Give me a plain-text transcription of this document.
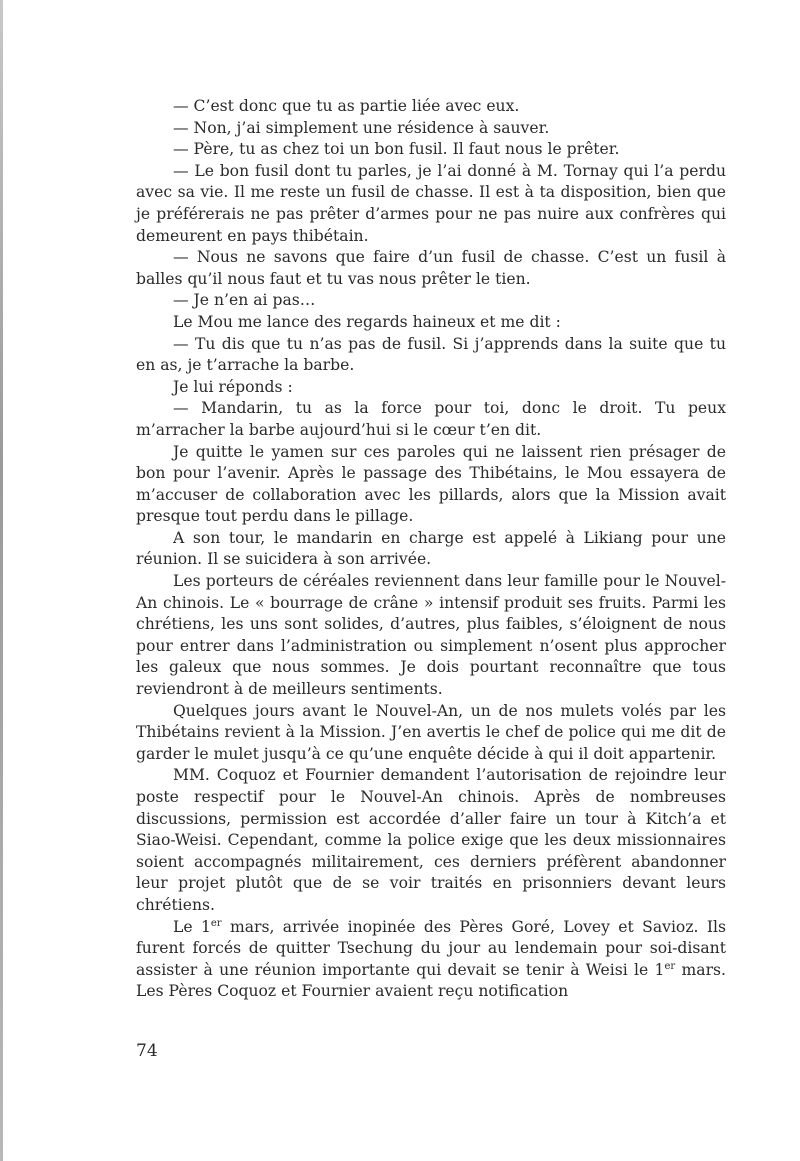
— C’est donc que tu as partie liée avec eux.

— Non, j’ai simplement une résidence à sauver.

— Père, tu as chez toi un bon fusil. Il faut nous le prêter.

— Le bon fusil dont tu parles, je l’ai donné à M. Tornay qui l’a perdu avec sa vie. Il me reste un fusil de chasse. Il est à ta disposition, bien que je préférerais ne pas prêter d’armes pour ne pas nuire aux confrères qui demeurent en pays thibétain.

— Nous ne savons que faire d’un fusil de chasse. C’est un fusil à balles qu’il nous faut et tu vas nous prêter le tien.

— Je n’en ai pas…

Le Mou me lance des regards haineux et me dit :

— Tu dis que tu n’as pas de fusil. Si j’apprends dans la suite que tu en as, je t’arrache la barbe.

Je lui réponds :

— Mandarin, tu as la force pour toi, donc le droit. Tu peux m’arracher la barbe aujourd’hui si le cœur t’en dit.

Je quitte le yamen sur ces paroles qui ne laissent rien présager de bon pour l’avenir. Après le passage des Thibétains, le Mou essayera de m’accuser de collaboration avec les pillards, alors que la Mission avait presque tout perdu dans le pillage.

A son tour, le mandarin en charge est appelé à Likiang pour une réunion. Il se suicidera à son arrivée.

Les porteurs de céréales reviennent dans leur famille pour le Nouvel-An chinois. Le « bourrage de crâne » intensif produit ses fruits. Parmi les chrétiens, les uns sont solides, d’autres, plus faibles, s’éloignent de nous pour entrer dans l’administration ou simplement n’osent plus approcher les galeux que nous sommes. Je dois pourtant reconnaître que tous reviendront à de meilleurs sentiments.

Quelques jours avant le Nouvel-An, un de nos mulets volés par les Thibétains revient à la Mission. J’en avertis le chef de police qui me dit de garder le mulet jusqu’à ce qu’une enquête décide à qui il doit appartenir.

MM. Coquoz et Fournier demandent l’autorisation de rejoindre leur poste respectif pour le Nouvel-An chinois. Après de nombreuses discussions, permission est accordée d’aller faire un tour à Kitch’a et Siao-Weisi. Cependant, comme la police exige que les deux missionnaires soient accompagnés militairement, ces derniers préfèrent abandonner leur projet plutôt que de se voir traités en prisonniers devant leurs chrétiens.

Le 1er mars, arrivée inopinée des Pères Goré, Lovey et Savioz. Ils furent forcés de quitter Tsechung du jour au lendemain pour soi-disant assister à une réunion importante qui devait se tenir à Weisi le 1er mars. Les Pères Coquoz et Fournier avaient reçu notification

74
